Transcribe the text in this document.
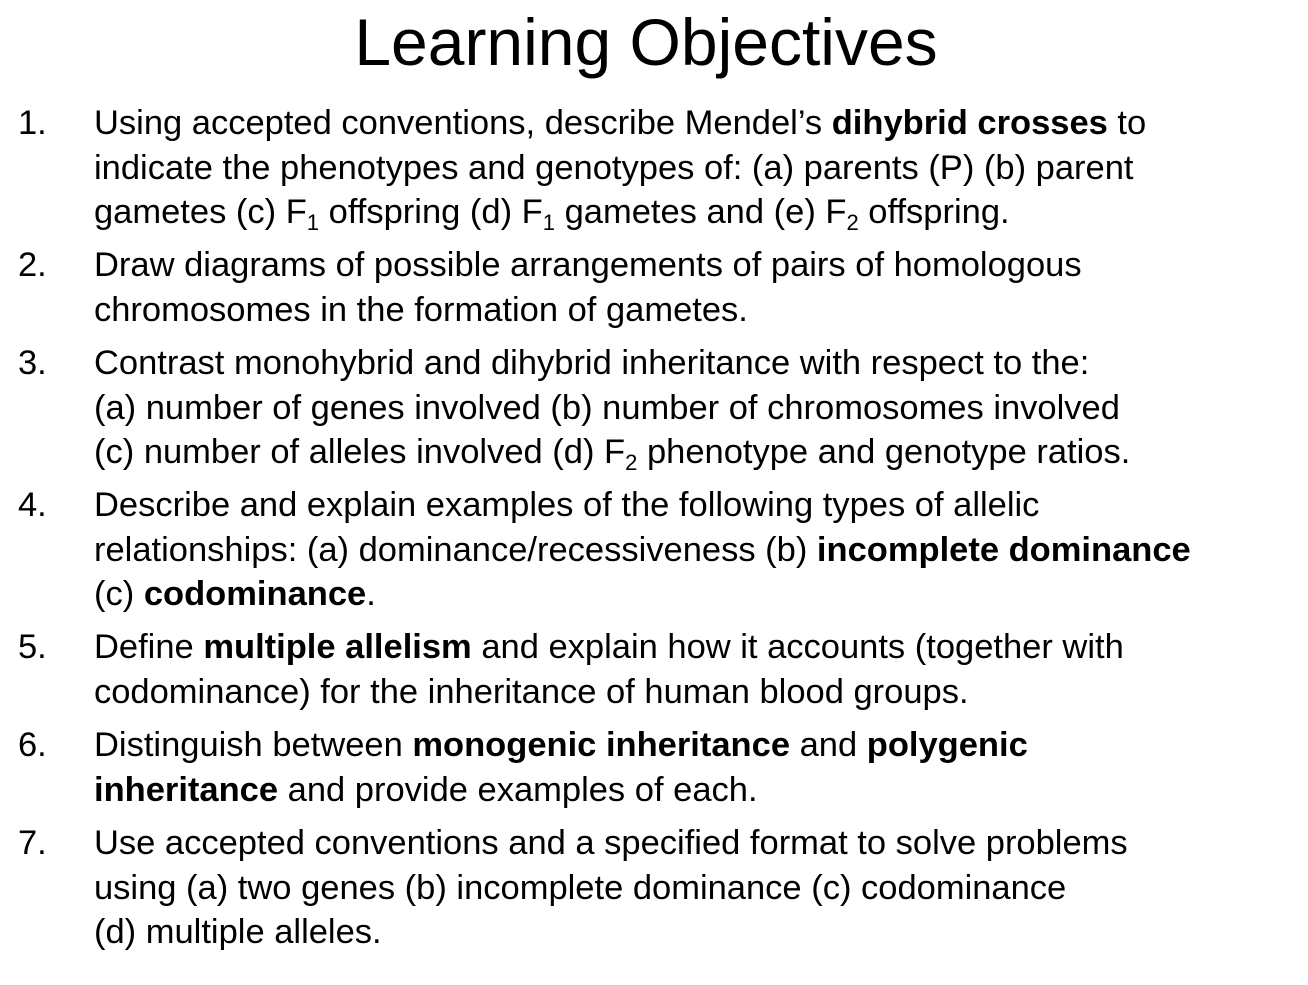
Learning Objectives
1. Using accepted conventions, describe Mendel’s dihybrid crosses to
indicate the phenotypes and genotypes of: (a) parents (P) (b) parent
gametes (c) $F_1$ offspring (d) $F_1$ gametes and (e) $F_2$ offspring.
2. Draw diagrams of possible arrangements of pairs of homologous
chromosomes in the formation of gametes.
3. Contrast monohybrid and dihybrid inheritance with respect to the:
(a) number of genes involved (b) number of chromosomes involved
(c) number of alleles involved (d) $F_2$ phenotype and genotype ratios.
4. Describe and explain examples of the following types of allelic
relationships: (a) dominance/recessiveness (b) incomplete dominance
(c) codominance.
5. Define multiple allelism and explain how it accounts (together with
codominance) for the inheritance of human blood groups.
6. Distinguish between monogenic inheritance and polygenic
inheritance and provide examples of each.
7. Use accepted conventions and a specified format to solve problems
using (a) two genes (b) incomplete dominance (c) codominance
(d) multiple alleles.
